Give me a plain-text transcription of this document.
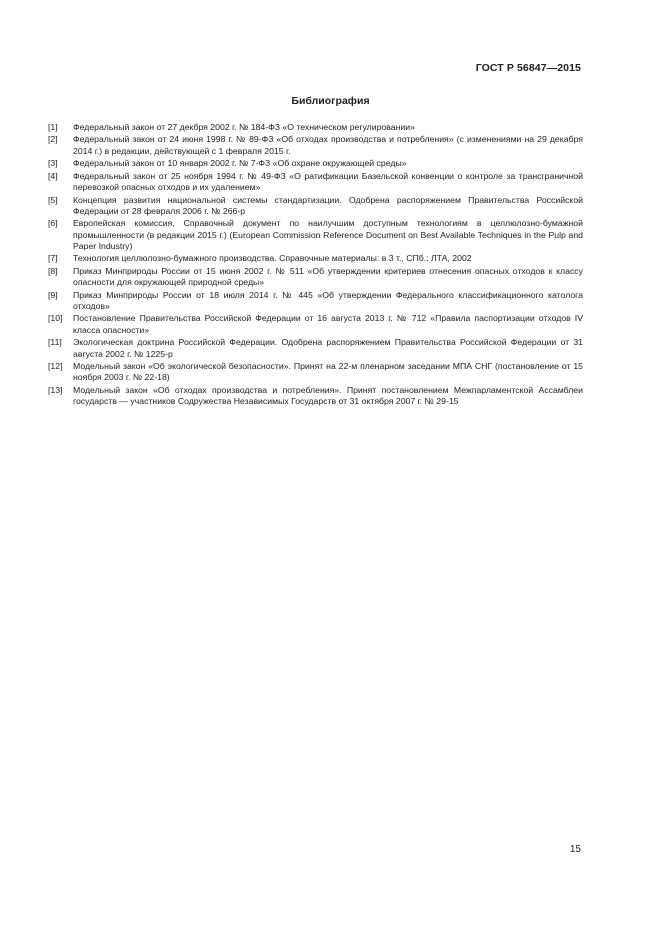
ГОСТ Р 56847—2015
Библиография
[1]	Федеральный закон от 27 декбря 2002 г. № 184-ФЗ «О техническом регулировании»
[2]	Федеральный закон от 24 июня 1998 г. № 89-ФЗ «Об отходах производства и потребления» (с изменениями на 29 декабря 2014 г.) в редакции, действующей с 1 февраля 2015 г.
[3]	Федеральный закон от 10 января 2002 г. № 7-ФЗ «Об охране окружающей среды»
[4]	Федеральный закон от 25 ноября 1994 г. № 49-ФЗ «О ратификации Базельской конвенции о контроле за трансграничной перевозкой опасных отходов и их удалением»
[5]	Концепция развития национальной системы стандартизации. Одобрена распоряжением Правительства Российской Федерации от 28 февраля 2006 г. № 266-р
[6]	Европейская комиссия, Справочный документ по наилучшим доступным технологиям в целлюлозно-бумажной промышленности (в редакции 2015 г.) (European Commission Reference Document on Best Available Techniques in the Pulp and Paper Industry)
[7]	Технология целлюлозно-бумажного производства. Справочные материалы: в 3 т., СПб.: ЛТА, 2002
[8]	Приказ Минприроды России от 15 июня 2002 г. № 511 «Об утверждении критериев отнесения опасных отходов к классу опасности для окружающей природной среды»
[9]	Приказ Минприроды России от 18 июля 2014 г. № 445 «Об утверждении Федерального классификационного католога отходов»
[10]	Постановление Правительства Российской Федерации от 16 августа 2013 г. № 712 «Правила паспортизации отходов IV класса опасности»
[11]	Экологическая доктрина Российской Федерации. Одобрена распоряжением Правительства Российской Федерации от 31 августа 2002 г. № 1225-р
[12]	Модельный закон «Об экологической безопасности». Принят на 22-м пленарном заседании МПА СНГ (постановление от 15 ноября 2003 г. № 22-18)
[13]	Модельный закон «Об отходах производства и потребления». Принят постановлением Межпарламентской Ассамблеи государств — участников Содружества Независимых Государств от 31 октября 2007 г. № 29-15
15
